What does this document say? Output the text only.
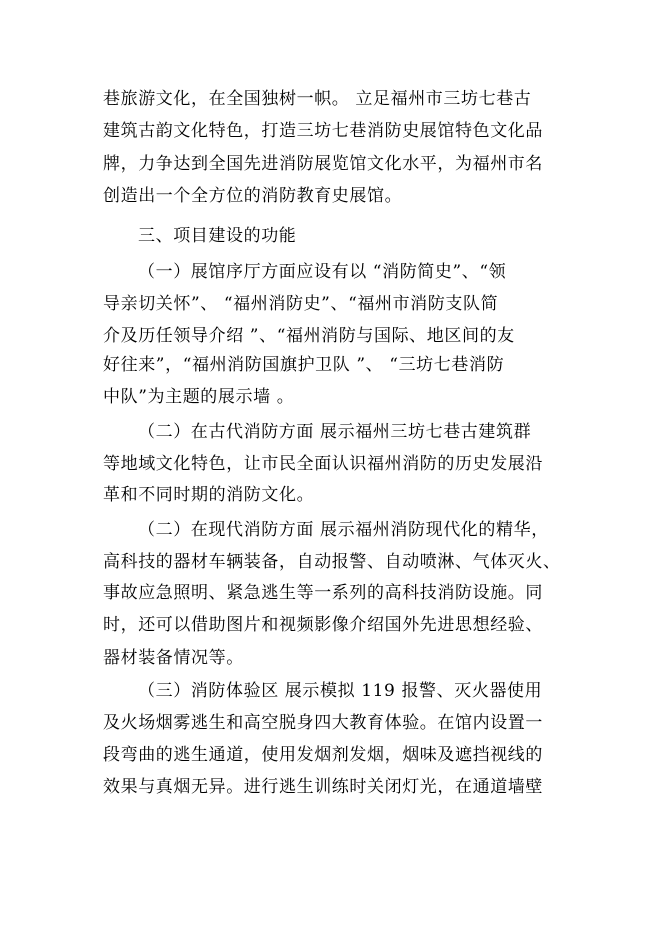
巷旅游文化，在全国独树一帜。 立足福州市三坊七巷古
建筑古韵文化特色，打造三坊七巷消防史展馆特色文化品
牌，力争达到全国先进消防展览馆文化水平，为福州市名
创造出一个全方位的消防教育史展馆。
三、项目建设的功能
（一）展馆序厅方面应设有以 “消防简史”、“领
导亲切关怀”、 “福州消防史”、“福州市消防支队简
介及历任领导介绍 ”、“福州消防与国际、地区间的友
好往来”，“福州消防国旗护卫队 ”、 “三坊七巷消防
中队”为主题的展示墙 。
（二）在古代消防方面 展示福州三坊七巷古建筑群
等地域文化特色，让市民全面认识福州消防的历史发展沿
革和不同时期的消防文化。
（二）在现代消防方面 展示福州消防现代化的精华，
高科技的器材车辆装备，自动报警、自动喷淋、气体灭火、
事故应急照明、紧急逃生等一系列的高科技消防设施。同
时，还可以借助图片和视频影像介绍国外先进思想经验、
器材装备情况等。
（三）消防体验区 展示模拟 119 报警、灭火器使用
及火场烟雾逃生和高空脱身四大教育体验。在馆内设置一
段弯曲的逃生通道，使用发烟剂发烟，烟味及遮挡视线的
效果与真烟无异。进行逃生训练时关闭灯光，在通道墙壁
